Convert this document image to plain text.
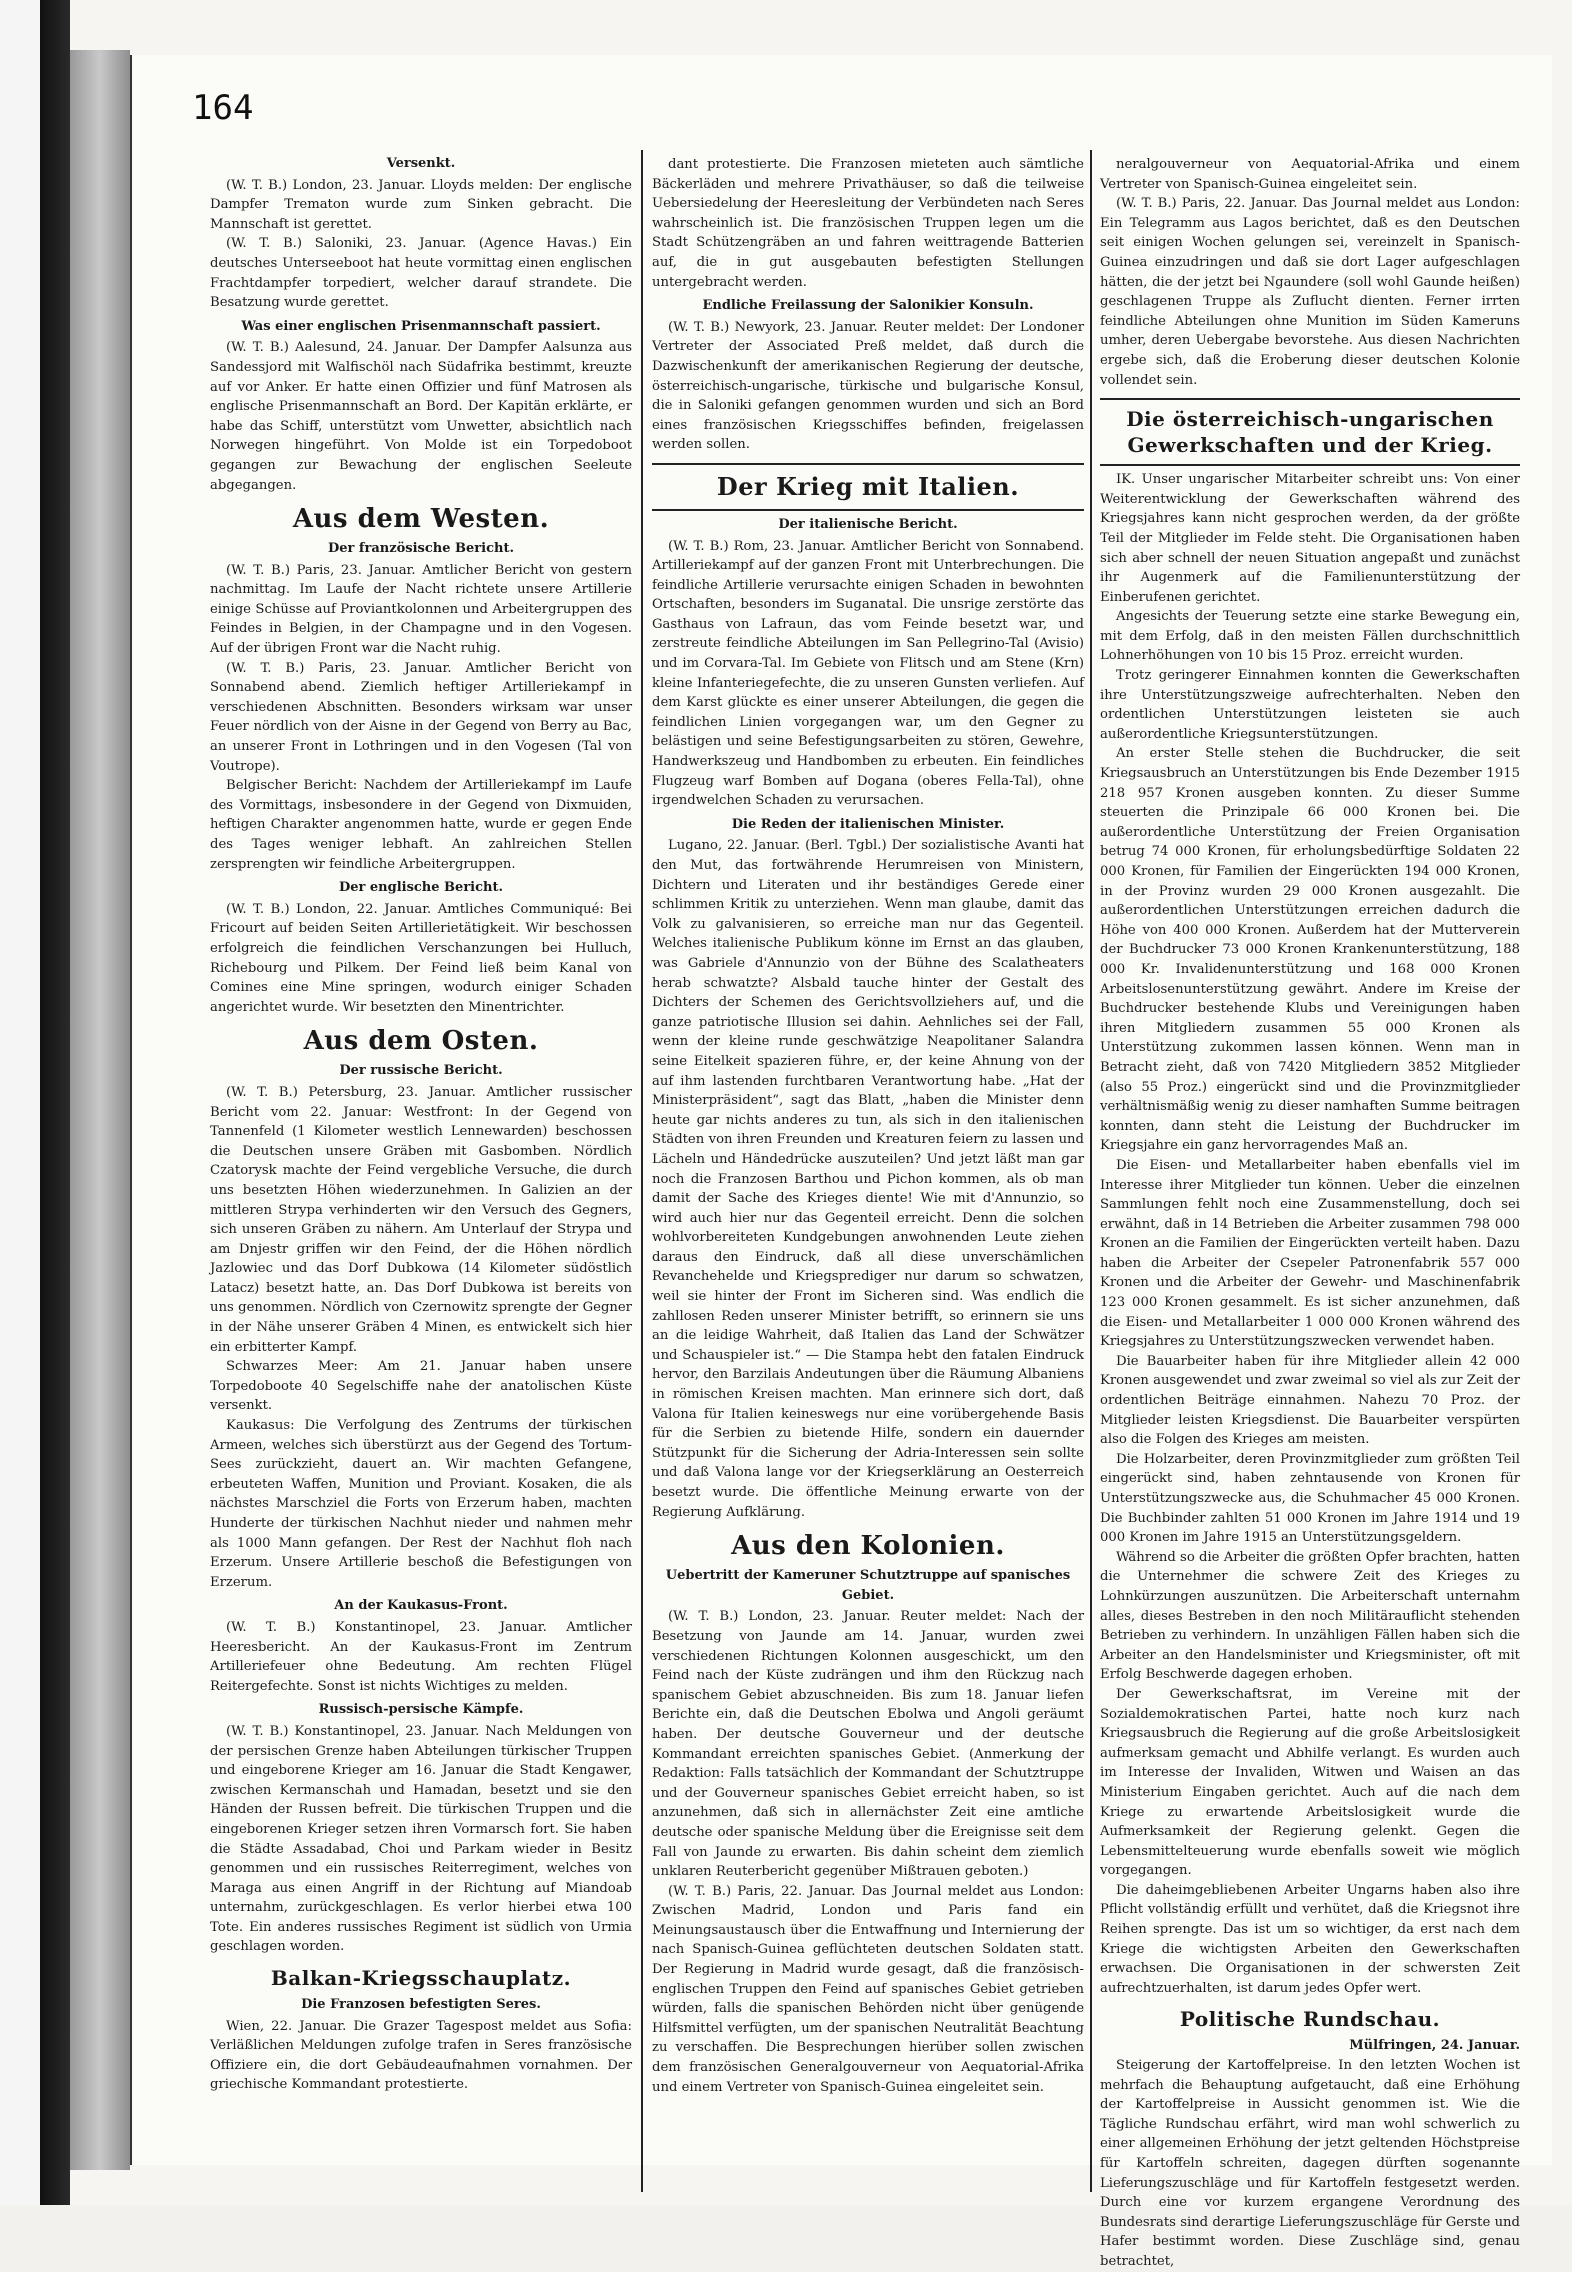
164
Versenkt.

(W. T. B.) London, 23. Januar. Lloyds melden: Der englische Dampfer Trematon wurde zum Sinken gebracht. Die Mannschaft ist gerettet.

(W. T. B.) Saloniki, 23. Januar. (Agence Havas.) Ein deutsches Unterseeboot hat heute vormittag einen englischen Frachtdampfer torpediert, welcher darauf strandete. Die Besatzung wurde gerettet.

Was einer englischen Prisenmannschaft passiert.

(W. T. B.) Aalesund, 24. Januar. Der Dampfer Aalsunza aus Sandessjord mit Walfischöl nach Südafrika bestimmt, kreuzte auf vor Anker. Er hatte einen Offizier und fünf Matrosen als englische Prisenmannschaft an Bord. Der Kapitän erklärte, er habe das Schiff, unterstützt vom Unwetter, absichtlich nach Norwegen hingeführt. Von Molde ist ein Torpedoboot gegangen zur Bewachung der englischen Seeleute abgegangen.

Aus dem Westen.
Der französische Bericht.

(W. T. B.) Paris, 23. Januar. Amtlicher Bericht von gestern nachmittag. Im Laufe der Nacht richtete unsere Artillerie einige Schüsse auf Proviantkolonnen und Arbeitergruppen des Feindes in Belgien, in der Champagne und in den Vogesen. Auf der übrigen Front war die Nacht ruhig.

(W. T. B.) Paris, 23. Januar. Amtlicher Bericht von Sonnabend abend. Ziemlich heftiger Artilleriekampf in verschiedenen Abschnitten. Besonders wirksam war unser Feuer nördlich von der Aisne in der Gegend von Berry au Bac, an unserer Front in Lothringen und in den Vogesen (Tal von Voutrope).

Belgischer Bericht: Nachdem der Artilleriekampf im Laufe des Vormittags, insbesondere in der Gegend von Dixmuiden, heftigen Charakter angenommen hatte, wurde er gegen Ende des Tages weniger lebhaft. An zahlreichen Stellen zersprengten wir feindliche Arbeitergruppen.

Der englische Bericht.

(W. T. B.) London, 22. Januar. Amtliches Communiqué: Bei Fricourt auf beiden Seiten Artillerietätigkeit. Wir beschossen erfolgreich die feindlichen Verschanzungen bei Hulluch, Richebourg und Pilkem. Der Feind ließ beim Kanal von Comines eine Mine springen, wodurch einiger Schaden angerichtet wurde. Wir besetzten den Minentrichter.

Aus dem Osten.
Der russische Bericht.

(W. T. B.) Petersburg, 23. Januar. Amtlicher russischer Bericht vom 22. Januar: Westfront: In der Gegend von Tannenfeld (1 Kilometer westlich Lennewarden) beschossen die Deutschen unsere Gräben mit Gasbomben. Nördlich Czatorysk machte der Feind vergebliche Versuche, die durch uns besetzten Höhen wiederzunehmen. In Galizien an der mittleren Strypa verhinderten wir den Versuch des Gegners, sich unseren Gräben zu nähern. Am Unterlauf der Strypa und am Dnjestr griffen wir den Feind, der die Höhen nördlich Jazlowiec und das Dorf Dubkowa (14 Kilometer südöstlich Latacz) besetzt hatte, an. Das Dorf Dubkowa ist bereits von uns genommen. Nördlich von Czernowitz sprengte der Gegner in der Nähe unserer Gräben 4 Minen, es entwickelt sich hier ein erbitterter Kampf.

Schwarzes Meer: Am 21. Januar haben unsere Torpedoboote 40 Segelschiffe nahe der anatolischen Küste versenkt.

Kaukasus: Die Verfolgung des Zentrums der türkischen Armeen, welches sich überstürzt aus der Gegend des Tortum-Sees zurückzieht, dauert an. Wir machten Gefangene, erbeuteten Waffen, Munition und Proviant. Kosaken, die als nächstes Marschziel die Forts von Erzerum haben, machten Hunderte der türkischen Nachhut nieder und nahmen mehr als 1000 Mann gefangen. Der Rest der Nachhut floh nach Erzerum. Unsere Artillerie beschoß die Befestigungen von Erzerum.

An der Kaukasus-Front.

(W. T. B.) Konstantinopel, 23. Januar. Amtlicher Heeresbericht. An der Kaukasus-Front im Zentrum Artilleriefeuer ohne Bedeutung. Am rechten Flügel Reitergefechte. Sonst ist nichts Wichtiges zu melden.

Russisch-persische Kämpfe.

(W. T. B.) Konstantinopel, 23. Januar. Nach Meldungen von der persischen Grenze haben Abteilungen türkischer Truppen und eingeborene Krieger am 16. Januar die Stadt Kengawer, zwischen Kermanschah und Hamadan, besetzt und sie den Händen der Russen befreit. Die türkischen Truppen und die eingeborenen Krieger setzen ihren Vormarsch fort. Sie haben die Städte Assadabad, Choi und Parkam wieder in Besitz genommen und ein russisches Reiterregiment, welches von Maraga aus einen Angriff in der Richtung auf Miandoab unternahm, zurückgeschlagen. Es verlor hierbei etwa 100 Tote. Ein anderes russisches Regiment ist südlich von Urmia geschlagen worden.

Balkan-Kriegsschauplatz.
Die Franzosen befestigten Seres.

Wien, 22. Januar. Die Grazer Tagespost meldet aus Sofia: Verläßlichen Meldungen zufolge trafen in Seres französische Offiziere ein, die dort Gebäudeaufnahmen vornahmen. Der griechische Kommandant protestierte.

dant protestierte. Die Franzosen mieteten auch sämtliche Bäckerläden und mehrere Privathäuser, so daß die teilweise Uebersiedelung der Heeresleitung der Verbündeten nach Seres wahrscheinlich ist. Die französischen Truppen legen um die Stadt Schützengräben an und fahren weittragende Batterien auf, die in gut ausgebauten befestigten Stellungen untergebracht werden.

Endliche Freilassung der Salonikier Konsuln.

(W. T. B.) Newyork, 23. Januar. Reuter meldet: Der Londoner Vertreter der Associated Preß meldet, daß durch die Dazwischenkunft der amerikanischen Regierung der deutsche, österreichisch-ungarische, türkische und bulgarische Konsul, die in Saloniki gefangen genommen wurden und sich an Bord eines französischen Kriegsschiffes befinden, freigelassen werden sollen.

Der Krieg mit Italien.
Der italienische Bericht.

(W. T. B.) Rom, 23. Januar. Amtlicher Bericht von Sonnabend. Artilleriekampf auf der ganzen Front mit Unterbrechungen. Die feindliche Artillerie verursachte einigen Schaden in bewohnten Ortschaften, besonders im Suganatal. Die unsrige zerstörte das Gasthaus von Lafraun, das vom Feinde besetzt war, und zerstreute feindliche Abteilungen im San Pellegrino-Tal (Avisio) und im Corvara-Tal. Im Gebiete von Flitsch und am Stene (Krn) kleine Infanteriegefechte, die zu unseren Gunsten verliefen. Auf dem Karst glückte es einer unserer Abteilungen, die gegen die feindlichen Linien vorgegangen war, um den Gegner zu belästigen und seine Befestigungsarbeiten zu stören, Gewehre, Handwerkszeug und Handbomben zu erbeuten. Ein feindliches Flugzeug warf Bomben auf Dogana (oberes Fella-Tal), ohne irgendwelchen Schaden zu verursachen.

Die Reden der italienischen Minister.

Lugano, 22. Januar. (Berl. Tgbl.) Der sozialistische Avanti hat den Mut, das fortwährende Herumreisen von Ministern, Dichtern und Literaten und ihr beständiges Gerede einer schlimmen Kritik zu unterziehen. Wenn man glaube, damit das Volk zu galvanisieren, so erreiche man nur das Gegenteil. Welches italienische Publikum könne im Ernst an das glauben, was Gabriele d'Annunzio von der Bühne des Scalatheaters herab schwatzte? Alsbald tauche hinter der Gestalt des Dichters der Schemen des Gerichtsvollziehers auf, und die ganze patriotische Illusion sei dahin. Aehnliches sei der Fall, wenn der kleine runde geschwätzige Neapolitaner Salandra seine Eitelkeit spazieren führe, er, der keine Ahnung von der auf ihm lastenden furchtbaren Verantwortung habe. „Hat der Ministerpräsident“, sagt das Blatt, „haben die Minister denn heute gar nichts anderes zu tun, als sich in den italienischen Städten von ihren Freunden und Kreaturen feiern zu lassen und Lächeln und Händedrücke auszuteilen? Und jetzt läßt man gar noch die Franzosen Barthou und Pichon kommen, als ob man damit der Sache des Krieges diente! Wie mit d'Annunzio, so wird auch hier nur das Gegenteil erreicht. Denn die solchen wohlvorbereiteten Kundgebungen anwohnenden Leute ziehen daraus den Eindruck, daß all diese unverschämlichen Revanchehelde und Kriegsprediger nur darum so schwatzen, weil sie hinter der Front im Sicheren sind. Was endlich die zahllosen Reden unserer Minister betrifft, so erinnern sie uns an die leidige Wahrheit, daß Italien das Land der Schwätzer und Schauspieler ist.“ — Die Stampa hebt den fatalen Eindruck hervor, den Barzilais Andeutungen über die Räumung Albaniens in römischen Kreisen machten. Man erinnere sich dort, daß Valona für Italien keineswegs nur eine vorübergehende Basis für die Serbien zu bietende Hilfe, sondern ein dauernder Stützpunkt für die Sicherung der Adria-Interessen sein sollte und daß Valona lange vor der Kriegserklärung an Oesterreich besetzt wurde. Die öffentliche Meinung erwarte von der Regierung Aufklärung.

Aus den Kolonien.
Uebertritt der Kameruner Schutztruppe auf spanisches Gebiet.

(W. T. B.) London, 23. Januar. Reuter meldet: Nach der Besetzung von Jaunde am 14. Januar, wurden zwei verschiedenen Richtungen Kolonnen ausgeschickt, um den Feind nach der Küste zudrängen und ihm den Rückzug nach spanischem Gebiet abzuschneiden. Bis zum 18. Januar liefen Berichte ein, daß die Deutschen Ebolwa und Angoli geräumt haben. Der deutsche Gouverneur und der deutsche Kommandant erreichten spanisches Gebiet. (Anmerkung der Redaktion: Falls tatsächlich der Kommandant der Schutztruppe und der Gouverneur spanisches Gebiet erreicht haben, so ist anzunehmen, daß sich in allernächster Zeit eine amtliche deutsche oder spanische Meldung über die Ereignisse seit dem Fall von Jaunde zu erwarten. Bis dahin scheint dem ziemlich unklaren Reuterbericht gegenüber Mißtrauen geboten.)

(W. T. B.) Paris, 22. Januar. Das Journal meldet aus London: Zwischen Madrid, London und Paris fand ein Meinungsaustausch über die Entwaffnung und Internierung der nach Spanisch-Guinea geflüchteten deutschen Soldaten statt. Der Regierung in Madrid wurde gesagt, daß die französisch-englischen Truppen den Feind auf spanisches Gebiet getrieben würden, falls die spanischen Behörden nicht über genügende Hilfsmittel verfügten, um der spanischen Neutralität Beachtung zu verschaffen. Die Besprechungen hierüber sollen zwischen dem französischen Generalgouverneur von Aequatorial-Afrika und einem Vertreter von Spanisch-Guinea eingeleitet sein.

neralgouverneur von Aequatorial-Afrika und einem Vertreter von Spanisch-Guinea eingeleitet sein.

(W. T. B.) Paris, 22. Januar. Das Journal meldet aus London: Ein Telegramm aus Lagos berichtet, daß es den Deutschen seit einigen Wochen gelungen sei, vereinzelt in Spanisch-Guinea einzudringen und daß sie dort Lager aufgeschlagen hätten, die der jetzt bei Ngaundere (soll wohl Gaunde heißen) geschlagenen Truppe als Zuflucht dienten. Ferner irrten feindliche Abteilungen ohne Munition im Süden Kameruns umher, deren Uebergabe bevorstehe. Aus diesen Nachrichten ergebe sich, daß die Eroberung dieser deutschen Kolonie vollendet sein.

Die österreichisch-ungarischen Gewerkschaften und der Krieg.

IK. Unser ungarischer Mitarbeiter schreibt uns: Von einer Weiterentwicklung der Gewerkschaften während des Kriegsjahres kann nicht gesprochen werden, da der größte Teil der Mitglieder im Felde steht. Die Organisationen haben sich aber schnell der neuen Situation angepaßt und zunächst ihr Augenmerk auf die Familienunterstützung der Einberufenen gerichtet.

Angesichts der Teuerung setzte eine starke Bewegung ein, mit dem Erfolg, daß in den meisten Fällen durchschnittlich Lohnerhöhungen von 10 bis 15 Proz. erreicht wurden.

Trotz geringerer Einnahmen konnten die Gewerkschaften ihre Unterstützungszweige aufrechterhalten. Neben den ordentlichen Unterstützungen leisteten sie auch außerordentliche Kriegsunterstützungen.

An erster Stelle stehen die Buchdrucker, die seit Kriegsausbruch an Unterstützungen bis Ende Dezember 1915 218 957 Kronen ausgeben konnten. Zu dieser Summe steuerten die Prinzipale 66 000 Kronen bei. Die außerordentliche Unterstützung der Freien Organisation betrug 74 000 Kronen, für erholungsbedürftige Soldaten 22 000 Kronen, für Familien der Eingerückten 194 000 Kronen, in der Provinz wurden 29 000 Kronen ausgezahlt. Die außerordentlichen Unterstützungen erreichen dadurch die Höhe von 400 000 Kronen. Außerdem hat der Mutterverein der Buchdrucker 73 000 Kronen Krankenunterstützung, 188 000 Kr. Invalidenunterstützung und 168 000 Kronen Arbeitslosenunterstützung gewährt. Andere im Kreise der Buchdrucker bestehende Klubs und Vereinigungen haben ihren Mitgliedern zusammen 55 000 Kronen als Unterstützung zukommen lassen können. Wenn man in Betracht zieht, daß von 7420 Mitgliedern 3852 Mitglieder (also 55 Proz.) eingerückt sind und die Provinzmitglieder verhältnismäßig wenig zu dieser namhaften Summe beitragen konnten, dann steht die Leistung der Buchdrucker im Kriegsjahre ein ganz hervorragendes Maß an.

Die Eisen- und Metallarbeiter haben ebenfalls viel im Interesse ihrer Mitglieder tun können. Ueber die einzelnen Sammlungen fehlt noch eine Zusammenstellung, doch sei erwähnt, daß in 14 Betrieben die Arbeiter zusammen 798 000 Kronen an die Familien der Eingerückten verteilt haben. Dazu haben die Arbeiter der Csepeler Patronenfabrik 557 000 Kronen und die Arbeiter der Gewehr- und Maschinenfabrik 123 000 Kronen gesammelt. Es ist sicher anzunehmen, daß die Eisen- und Metallarbeiter 1 000 000 Kronen während des Kriegsjahres zu Unterstützungszwecken verwendet haben.

Die Bauarbeiter haben für ihre Mitglieder allein 42 000 Kronen ausgewendet und zwar zweimal so viel als zur Zeit der ordentlichen Beiträge einnahmen. Nahezu 70 Proz. der Mitglieder leisten Kriegsdienst. Die Bauarbeiter verspürten also die Folgen des Krieges am meisten.

Die Holzarbeiter, deren Provinzmitglieder zum größten Teil eingerückt sind, haben zehntausende von Kronen für Unterstützungszwecke aus, die Schuhmacher 45 000 Kronen. Die Buchbinder zahlten 51 000 Kronen im Jahre 1914 und 19 000 Kronen im Jahre 1915 an Unterstützungsgeldern.

Während so die Arbeiter die größten Opfer brachten, hatten die Unternehmer die schwere Zeit des Krieges zu Lohnkürzungen auszunützen. Die Arbeiterschaft unternahm alles, dieses Bestreben in den noch Militärauflicht stehenden Betrieben zu verhindern. In unzähligen Fällen haben sich die Arbeiter an den Handelsminister und Kriegsminister, oft mit Erfolg Beschwerde dagegen erhoben.

Der Gewerkschaftsrat, im Vereine mit der Sozialdemokratischen Partei, hatte noch kurz nach Kriegsausbruch die Regierung auf die große Arbeitslosigkeit aufmerksam gemacht und Abhilfe verlangt. Es wurden auch im Interesse der Invaliden, Witwen und Waisen an das Ministerium Eingaben gerichtet. Auch auf die nach dem Kriege zu erwartende Arbeitslosigkeit wurde die Aufmerksamkeit der Regierung gelenkt. Gegen die Lebensmittelteuerung wurde ebenfalls soweit wie möglich vorgegangen.

Die daheimgebliebenen Arbeiter Ungarns haben also ihre Pflicht vollständig erfüllt und verhütet, daß die Kriegsnot ihre Reihen sprengte. Das ist um so wichtiger, da erst nach dem Kriege die wichtigsten Arbeiten den Gewerkschaften erwachsen. Die Organisationen in der schwersten Zeit aufrechtzuerhalten, ist darum jedes Opfer wert.

Politische Rundschau.
Mülfringen, 24. Januar.

Steigerung der Kartoffelpreise. In den letzten Wochen ist mehrfach die Behauptung aufgetaucht, daß eine Erhöhung der Kartoffelpreise in Aussicht genommen ist. Wie die Tägliche Rundschau erfährt, wird man wohl schwerlich zu einer allgemeinen Erhöhung der jetzt geltenden Höchstpreise für Kartoffeln schreiten, dagegen dürften sogenannte Lieferungszuschläge und für Kartoffeln festgesetzt werden. Durch eine vor kurzem ergangene Verordnung des Bundesrats sind derartige Lieferungszuschläge für Gerste und Hafer bestimmt worden. Diese Zuschläge sind, genau betrachtet,
